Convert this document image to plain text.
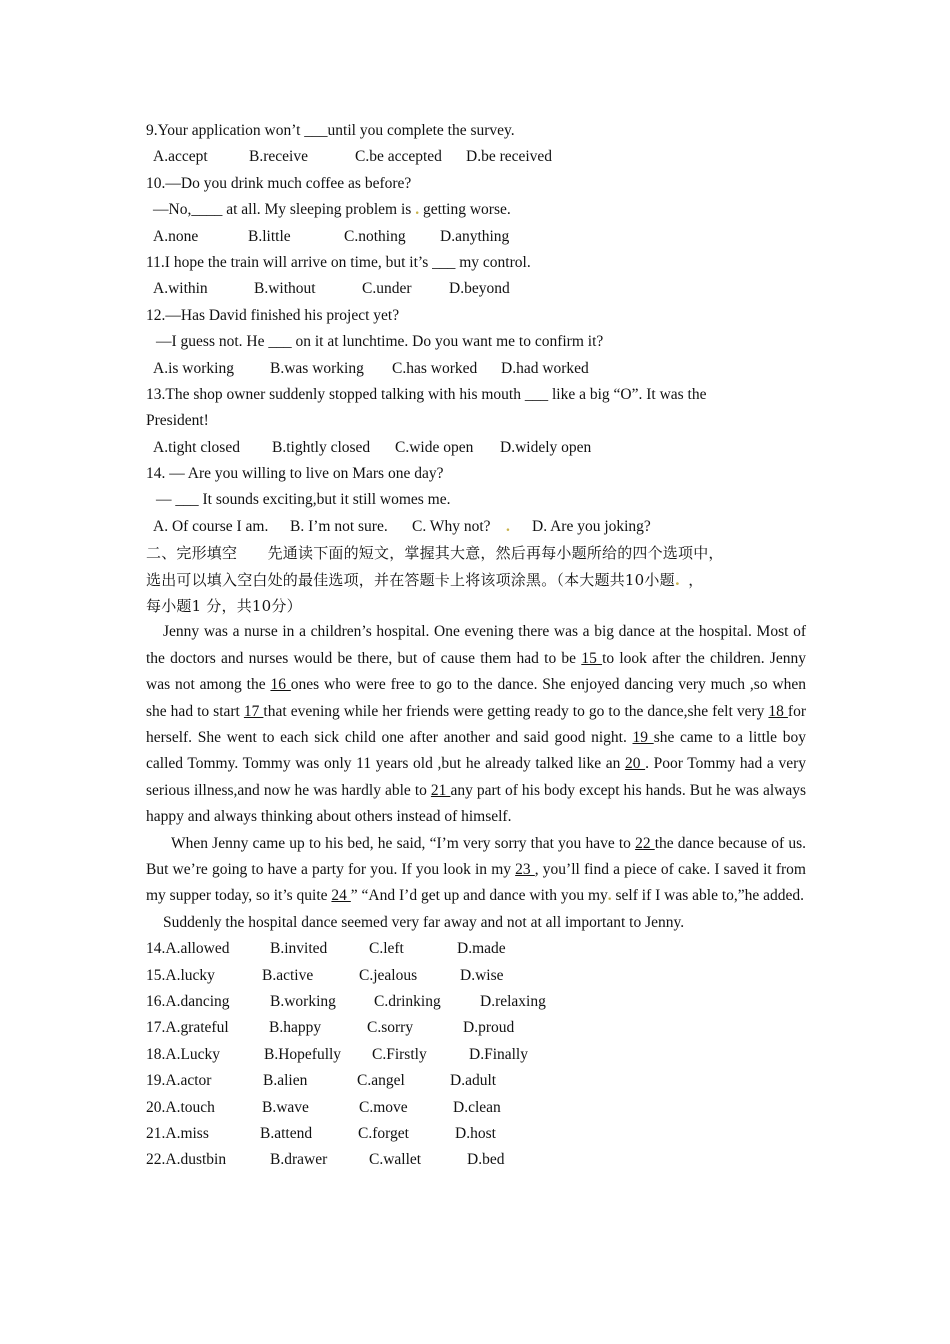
9.Your application won’t ___until you complete the survey.
A.accept	B.receive	C.be accepted D.be received
10.—Do you drink much coffee as before?
—No,____ at all. My sleeping problem is . getting worse.
A.none	B.little	C.nothing D.anything
11.I hope the train will arrive on time, but it’s ___ my control.
A.within	B.without	C.under D.beyond
12.—Has David finished his project yet?
—I guess not. He ___ on it at lunchtime. Do you want me to confirm it?
A.is working B.was working C.has worked D.had worked
13.The shop owner suddenly stopped talking with his mouth ___ like a big “O”. It was the
President!
A.tight closed B.tightly closed C.wide open D.widely open
14. — Are you willing to live on Mars one day?
— ___ It sounds exciting,but it still womes me.
A. Of course I am. B. I’m not sure. C. Why not? . D. Are you joking?
二、完形填空　　先通读下面的短文，掌握其大意，然后再每小题所给的四个选项中，
选出可以填入空白处的最佳选项，并在答题卡上将该项涂黑。（本大题共10小题. ，
每小题1 分，共10分）
Jenny was a nurse in a children’s hospital. One evening there was a big dance at the hospital. Most of the doctors and nurses would be there, but of cause them had to be 15 to look after the children. Jenny was not among the 16 ones who were free to go to the dance. She enjoyed dancing very much ,so when she had to start 17 that evening while her friends were getting ready to go to the dance,she felt very 18 for herself. She went to each sick child one after another and said good night. 19 she came to a little boy called Tommy. Tommy was only 11 years old ,but he already talked like an 20 . Poor Tommy had a very serious illness,and now he was hardly able to 21 any part of his body except his hands. But he was always happy and always thinking about others instead of himself.
When Jenny came up to his bed, he said, “I’m very sorry that you have to 22 the dance because of us. But we’re going to have a party for you. If you look in my 23 , you’ll find a piece of cake. I saved it from my supper today, so it’s quite 24 ” “And I’d get up and dance with you my. self if I was able to,”he added.
Suddenly the hospital dance seemed very far away and not at all important to Jenny.
14.A.allowed	B.invited	C.left	D.made
15.A.lucky	B.active	C.jealous	D.wise
16.A.dancing	B.working C.drinking	D.relaxing
17.A.grateful	B.happy	C.sorry	D.proud
18.A.Lucky	B.Hopefully C.Firstly	D.Finally
19.A.actor	B.alien	C.angel	D.adult
20.A.touch	B.wave	C.move	D.clean
21.A.miss	B.attend	C.forget	D.host
22.A.dustbin	B.drawer	C.wallet	D.bed
